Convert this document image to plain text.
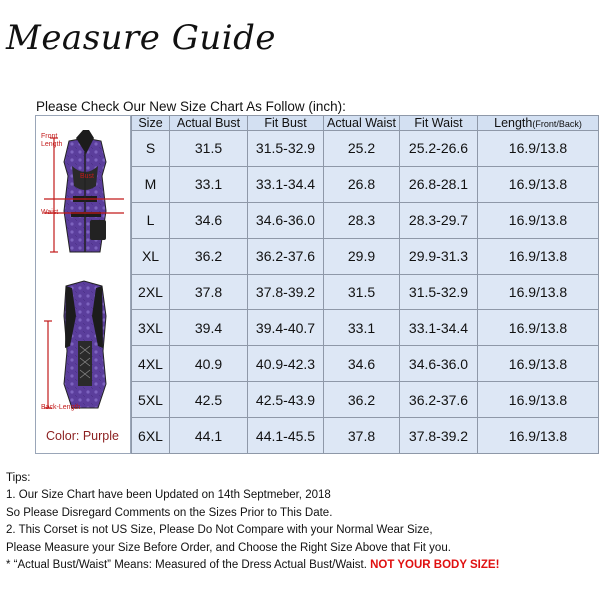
Measure Guide
Please Check Our New Size Chart As Follow (inch):
Front
Length
Bust
Waist
Back-Length
Color: Purple
Size	Actual Bust	Fit Bust	Actual Waist	Fit Waist	Length(Front/Back)
S	31.5	31.5-32.9	25.2	25.2-26.6	16.9/13.8
M	33.1	33.1-34.4	26.8	26.8-28.1	16.9/13.8
L	34.6	34.6-36.0	28.3	28.3-29.7	16.9/13.8
XL	36.2	36.2-37.6	29.9	29.9-31.3	16.9/13.8
2XL	37.8	37.8-39.2	31.5	31.5-32.9	16.9/13.8
3XL	39.4	39.4-40.7	33.1	33.1-34.4	16.9/13.8
4XL	40.9	40.9-42.3	34.6	34.6-36.0	16.9/13.8
5XL	42.5	42.5-43.9	36.2	36.2-37.6	16.9/13.8
6XL	44.1	44.1-45.5	37.8	37.8-39.2	16.9/13.8
Tips:
1. Our Size Chart have been Updated on 14th Septmeber, 2018
So Please Disregard Comments on the Sizes Prior to This Date.
2. This Corset is not US Size, Please Do Not Compare with your Normal Wear Size,
Please Measure your Size Before Order, and Choose the Right Size Above that Fit you.
* “Actual Bust/Waist” Means: Measured of the Dress Actual Bust/Waist. NOT YOUR BODY SIZE!
